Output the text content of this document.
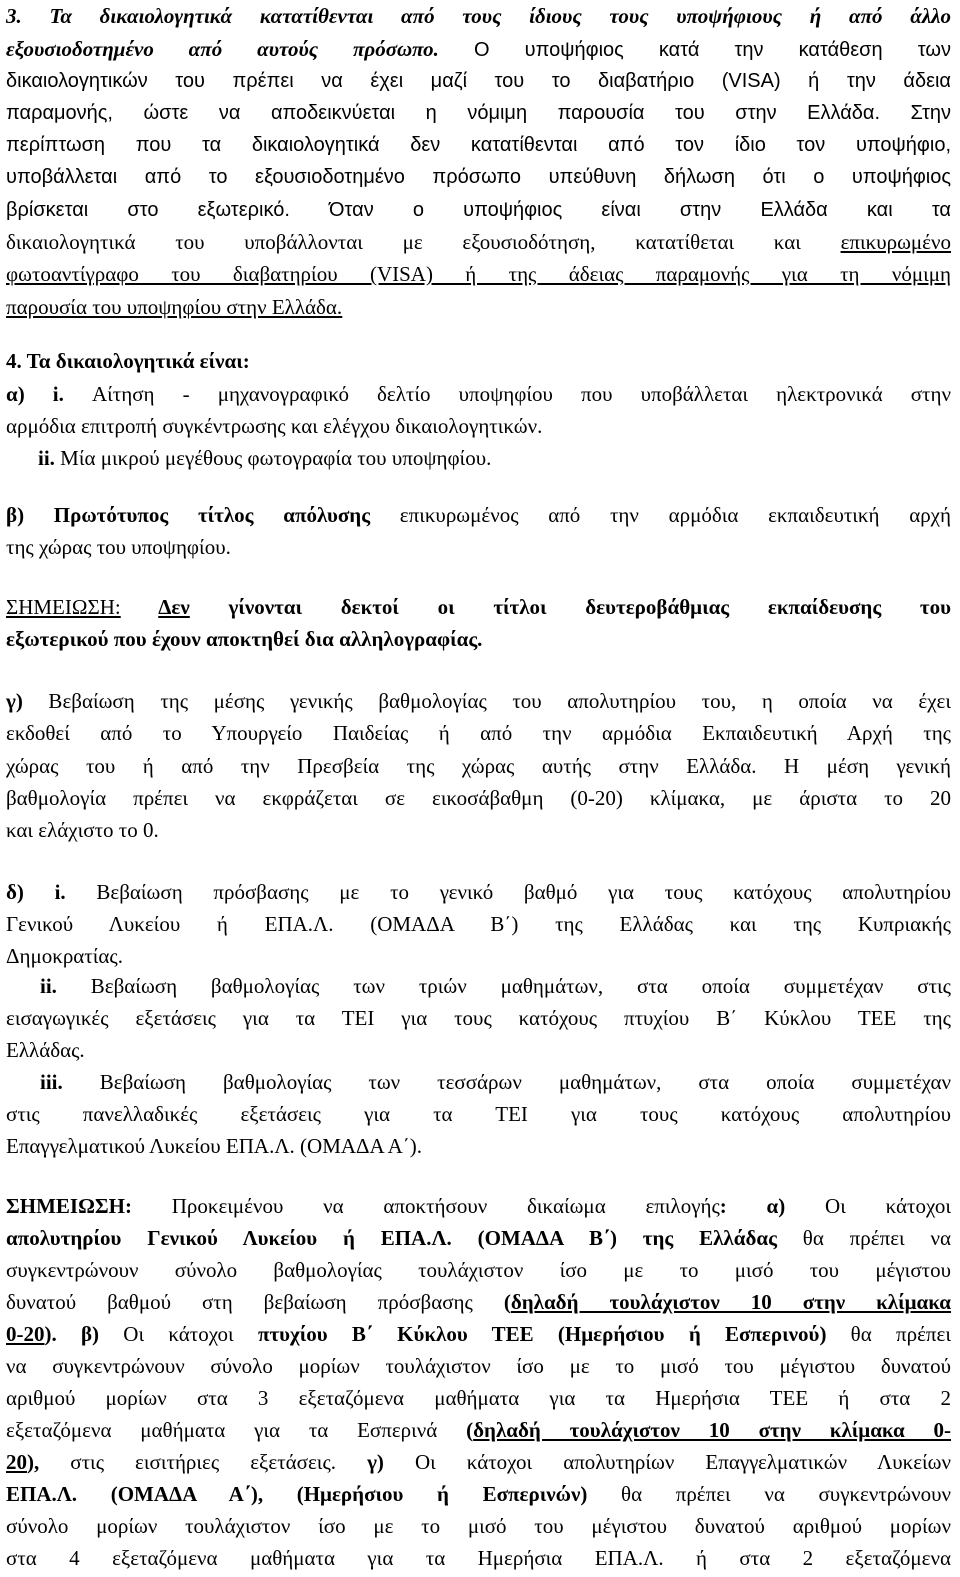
3. Τα δικαιολογητικά κατατίθενται από τους ίδιους τους υποψήφιους ή από άλλο
εξουσιοδοτημένο από αυτούς πρόσωπο. Ο υποψήφιος κατά την κατάθεση των
δικαιολογητικών του πρέπει να έχει μαζί του το διαβατήριο (VISA) ή την άδεια
παραμονής, ώστε να αποδεικνύεται η νόμιμη παρουσία του στην Ελλάδα. Στην
περίπτωση που τα δικαιολογητικά δεν κατατίθενται από τον ίδιο τον υποψήφιο,
υποβάλλεται από το εξουσιοδοτημένο πρόσωπο υπεύθυνη δήλωση ότι ο υποψήφιος
βρίσκεται στο εξωτερικό. Όταν ο υποψήφιος είναι στην Ελλάδα και τα
δικαιολογητικά του υποβάλλονται με εξουσιοδότηση, κατατίθεται και επικυρωμένο
φωτοαντίγραφο του διαβατηρίου (VISA) ή της άδειας παραμονής για τη νόμιμη
παρουσία του υποψηφίου στην Ελλάδα.
4. Τα δικαιολογητικά είναι:
α) i. Αίτηση - μηχανογραφικό δελτίο υποψηφίου που υποβάλλεται ηλεκτρονικά στην
αρμόδια επιτροπή συγκέντρωσης και ελέγχου δικαιολογητικών.
ii. Μία μικρού μεγέθους φωτογραφία του υποψηφίου.
β) Πρωτότυπος τίτλος απόλυσης επικυρωμένος από την αρμόδια εκπαιδευτική αρχή
της χώρας του υποψηφίου.
ΣΗΜΕΙΩΣΗ: Δεν γίνονται δεκτοί οι τίτλοι δευτεροβάθμιας εκπαίδευσης του
εξωτερικού που έχουν αποκτηθεί δια αλληλογραφίας.
γ) Βεβαίωση της μέσης γενικής βαθμολογίας του απολυτηρίου του, η οποία να έχει
εκδοθεί από το Υπουργείο Παιδείας ή από την αρμόδια Εκπαιδευτική Αρχή της
χώρας του ή από την Πρεσβεία της χώρας αυτής στην Ελλάδα. Η μέση γενική
βαθμολογία πρέπει να εκφράζεται σε εικοσάβαθμη (0-20) κλίμακα, με άριστα το 20
και ελάχιστο το 0.
δ) i. Βεβαίωση πρόσβασης με το γενικό βαθμό για τους κατόχους απολυτηρίου
Γενικού Λυκείου ή ΕΠΑ.Λ. (ΟΜΑΔΑ Β΄) της Ελλάδας και της Κυπριακής
Δημοκρατίας.
ii. Βεβαίωση βαθμολογίας των τριών μαθημάτων, στα οποία συμμετέχαν στις
εισαγωγικές εξετάσεις για τα ΤΕΙ για τους κατόχους πτυχίου Β΄ Κύκλου ΤΕΕ της
Ελλάδας.
iii. Βεβαίωση βαθμολογίας των τεσσάρων μαθημάτων, στα οποία συμμετέχαν
στις πανελλαδικές εξετάσεις για τα ΤΕΙ για τους κατόχους απολυτηρίου
Επαγγελματικού Λυκείου ΕΠΑ.Λ. (ΟΜΑΔΑ Α΄).
ΣΗΜΕΙΩΣΗ: Προκειμένου να αποκτήσουν δικαίωμα επιλογής: α) Οι κάτοχοι
απολυτηρίου Γενικού Λυκείου ή ΕΠΑ.Λ. (ΟΜΑΔΑ Β΄) της Ελλάδας θα πρέπει να
συγκεντρώνουν σύνολο βαθμολογίας τουλάχιστον ίσο με το μισό του μέγιστου
δυνατού βαθμού στη βεβαίωση πρόσβασης (δηλαδή τουλάχιστον 10 στην κλίμακα
0-20). β) Οι κάτοχοι πτυχίου Β΄ Κύκλου ΤΕΕ (Ημερήσιου ή Εσπερινού) θα πρέπει
να συγκεντρώνουν σύνολο μορίων τουλάχιστον ίσο με το μισό του μέγιστου δυνατού
αριθμού μορίων στα 3 εξεταζόμενα μαθήματα για τα Ημερήσια ΤΕΕ ή στα 2
εξεταζόμενα μαθήματα για τα Εσπερινά (δηλαδή τουλάχιστον 10 στην κλίμακα 0-
20), στις εισιτήριες εξετάσεις. γ) Οι κάτοχοι απολυτηρίων Επαγγελματικών Λυκείων
ΕΠΑ.Λ. (ΟΜΑΔΑ Α΄), (Ημερήσιου ή Εσπερινών) θα πρέπει να συγκεντρώνουν
σύνολο μορίων τουλάχιστον ίσο με το μισό του μέγιστου δυνατού αριθμού μορίων
στα 4 εξεταζόμενα μαθήματα για τα Ημερήσια ΕΠΑ.Λ. ή στα 2 εξεταζόμενα
